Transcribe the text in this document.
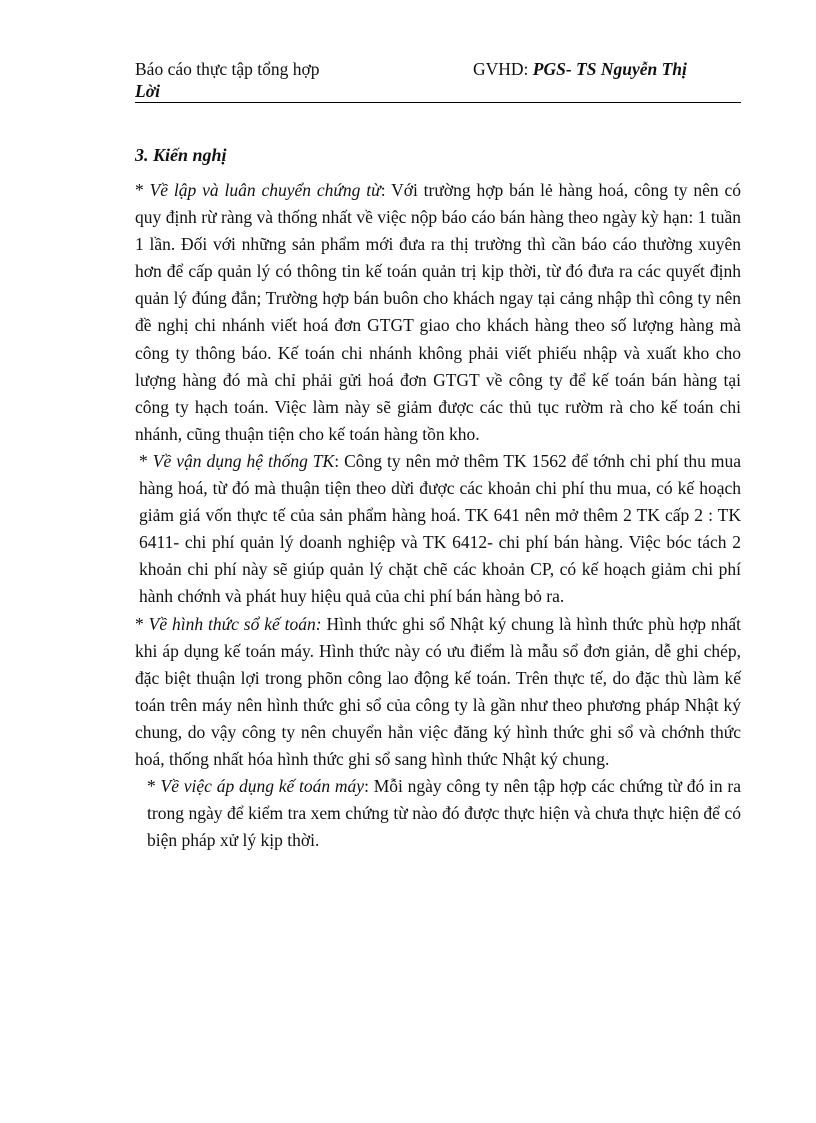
Báo cáo thực tập tổng hợp
Lời
GVHD: PGS- TS Nguyễn Thị
3. Kiến nghị

* Về lập và luân chuyển chứng từ: Với trường hợp bán lẻ hàng hoá, công ty nên có quy định rừ ràng và thống nhất về việc nộp báo cáo bán hàng theo ngày kỳ hạn: 1 tuần 1 lần. Đối với những sản phẩm mới đưa ra thị trường thì cần báo cáo thường xuyên hơn để cấp quản lý có thông tin kế toán quản trị kịp thời, từ đó đưa ra các quyết định quản lý đúng đắn; Trường hợp bán buôn cho khách ngay tại cảng nhập thì công ty nên đề nghị chi nhánh viết hoá đơn GTGT giao cho khách hàng theo số lượng hàng mà công ty thông báo. Kế toán chi nhánh không phải viết phiếu nhập và xuất kho cho lượng hàng đó mà chỉ phải gửi hoá đơn GTGT về công ty để kế toán bán hàng tại công ty hạch toán. Việc làm này sẽ giảm được các thủ tục rườm rà cho kế toán chi nhánh, cũng thuận tiện cho kế toán hàng tồn kho.

* Về vận dụng hệ thống TK: Công ty nên mở thêm TK 1562 để tớnh chi phí thu mua hàng hoá, từ đó mà thuận tiện theo dừi được các khoản chi phí thu mua, có kế hoạch giảm giá vốn thực tế của sản phẩm hàng hoá. TK 641 nên mở thêm 2 TK cấp 2 : TK 6411- chi phí quản lý doanh nghiệp và TK 6412- chi phí bán hàng. Việc bóc tách 2 khoản chi phí này sẽ giúp quản lý chặt chẽ các khoản CP, có kế hoạch giảm chi phí hành chớnh và phát huy hiệu quả của chi phí bán hàng bỏ ra.

* Về hình thức sổ kế toán: Hình thức ghi sổ Nhật ký chung là hình thức phù hợp nhất khi áp dụng kế toán máy. Hình thức này có ưu điểm là mẫu sổ đơn giản, dễ ghi chép, đặc biệt thuận lợi trong phõn công lao động kế toán. Trên thực tế, do đặc thù làm kế toán trên máy nên hình thức ghi sổ của công ty là gần như theo phương pháp Nhật ký chung, do vậy công ty nên chuyển hẳn việc đăng ký hình thức ghi sổ và chớnh thức hoá, thống nhất hóa hình thức ghi sổ sang hình thức Nhật ký chung.

* Về việc áp dụng kế toán máy: Mỗi ngày công ty nên tập hợp các chứng từ đó in ra trong ngày để kiểm tra xem chứng từ nào đó được thực hiện và chưa thực hiện để có biện pháp xử lý kịp thời.
